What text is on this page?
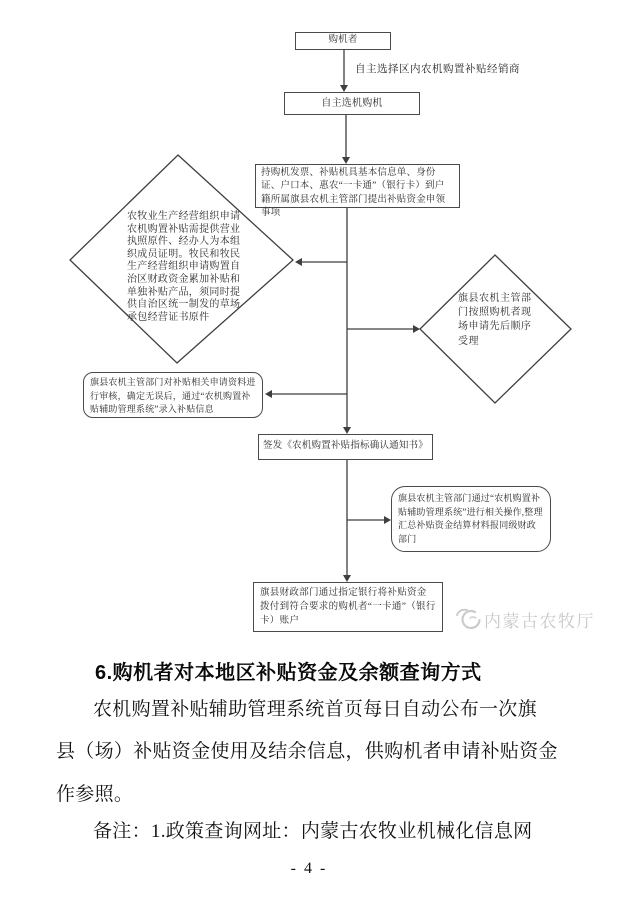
购机者
自主选择区内农机购置补贴经销商
自主选机购机
持购机发票、补贴机具基本信息单、身份证、户口本、惠农“一卡通”（银行卡）到户籍所属旗县农机主管部门提出补贴资金申领事项
农牧业生产经营组织申请农机购置补贴需提供营业执照原件、经办人为本组织成员证明。牧民和牧民生产经营组织申请购置自治区财政资金累加补贴和单独补贴产品，须同时提供自治区统一制发的草场承包经营证书原件
旗县农机主管部门按照购机者现场申请先后顺序受理
旗县农机主管部门对补贴相关申请资料进行审核，确定无误后，通过“农机购置补贴辅助管理系统”录入补贴信息
签发《农机购置补贴指标确认通知书》
旗县农机主管部门通过“农机购置补贴辅助管理系统”进行相关操作,整理汇总补贴资金结算材料报同级财政部门
旗县财政部门通过指定银行将补贴资金拨付到符合要求的购机者“一卡通”（银行卡）账户	内蒙古农牧厅
6.购机者对本地区补贴资金及余额查询方式
农机购置补贴辅助管理系统首页每日自动公布一次旗
县（场）补贴资金使用及结余信息，供购机者申请补贴资金
作参照。
备注：1.政策查询网址：内蒙古农牧业机械化信息网
- 4 -
